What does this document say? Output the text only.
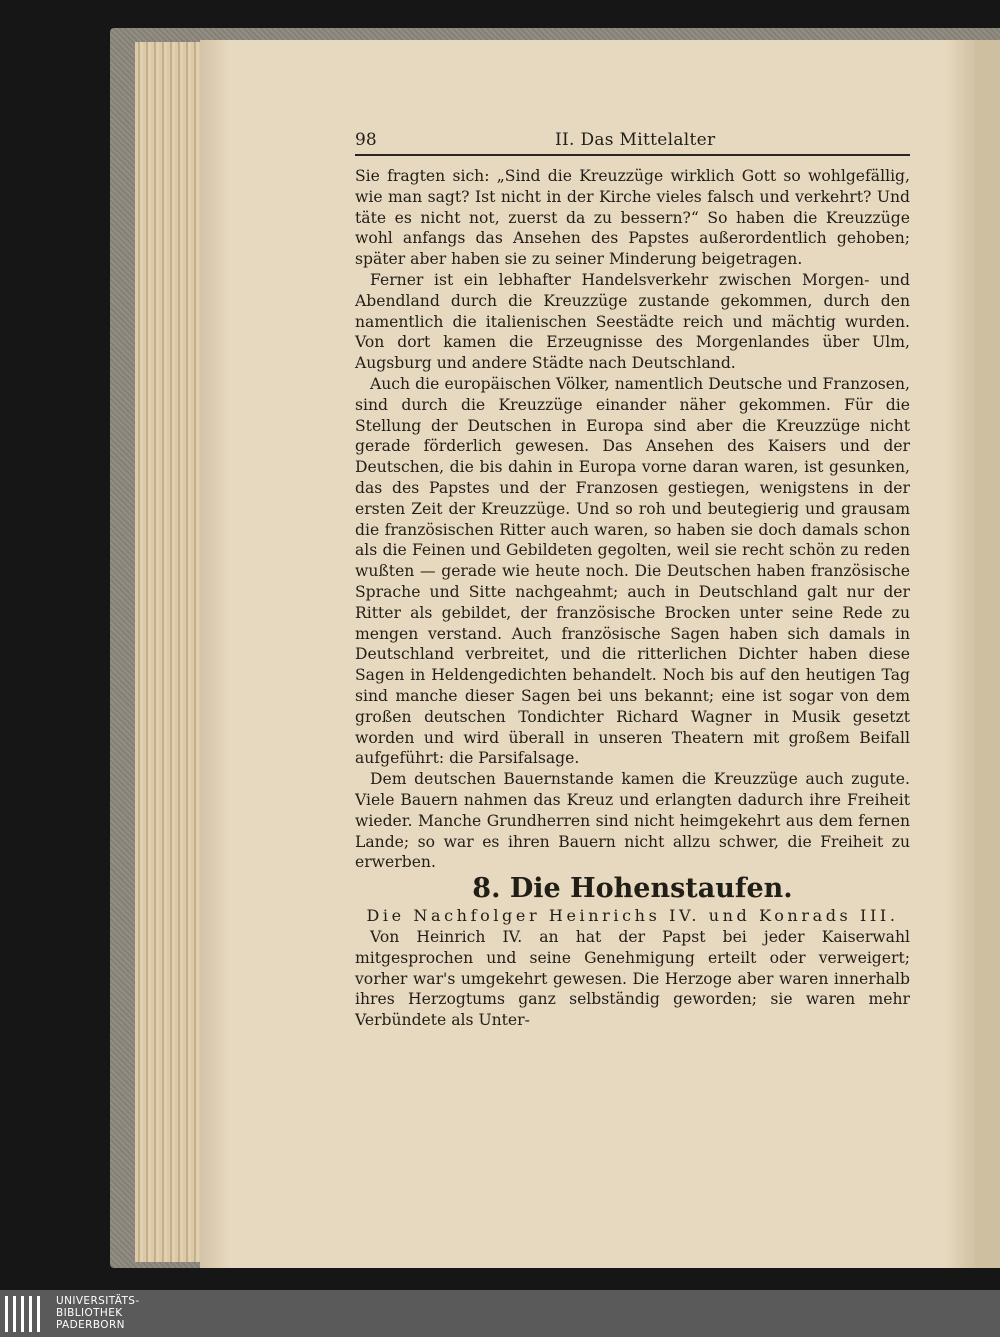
98	II. Das Mittelalter

Sie fragten sich: „Sind die Kreuzzüge wirklich Gott so wohlgefällig, wie man sagt? Ist nicht in der Kirche vieles falsch und verkehrt? Und täte es nicht not, zuerst da zu bessern?“ So haben die Kreuzzüge wohl anfangs das Ansehen des Papstes außerordentlich gehoben; später aber haben sie zu seiner Minderung beigetragen.

Ferner ist ein lebhafter Handelsverkehr zwischen Morgen- und Abendland durch die Kreuzzüge zustande gekommen, durch den namentlich die italienischen Seestädte reich und mächtig wurden. Von dort kamen die Erzeugnisse des Morgenlandes über Ulm, Augsburg und andere Städte nach Deutschland.

Auch die europäischen Völker, namentlich Deutsche und Franzosen, sind durch die Kreuzzüge einander näher gekommen. Für die Stellung der Deutschen in Europa sind aber die Kreuzzüge nicht gerade förderlich gewesen. Das Ansehen des Kaisers und der Deutschen, die bis dahin in Europa vorne daran waren, ist gesunken, das des Papstes und der Franzosen gestiegen, wenigstens in der ersten Zeit der Kreuzzüge. Und so roh und beutegierig und grausam die französischen Ritter auch waren, so haben sie doch damals schon als die Feinen und Gebildeten gegolten, weil sie recht schön zu reden wußten — gerade wie heute noch. Die Deutschen haben französische Sprache und Sitte nachgeahmt; auch in Deutschland galt nur der Ritter als gebildet, der französische Brocken unter seine Rede zu mengen verstand. Auch französische Sagen haben sich damals in Deutschland verbreitet, und die ritterlichen Dichter haben diese Sagen in Heldengedichten behandelt. Noch bis auf den heutigen Tag sind manche dieser Sagen bei uns bekannt; eine ist sogar von dem großen deutschen Tondichter Richard Wagner in Musik gesetzt worden und wird überall in unseren Theatern mit großem Beifall aufgeführt: die Parsifalsage.

Dem deutschen Bauernstande kamen die Kreuzzüge auch zugute. Viele Bauern nahmen das Kreuz und erlangten dadurch ihre Freiheit wieder. Manche Grundherren sind nicht heimgekehrt aus dem fernen Lande; so war es ihren Bauern nicht allzu schwer, die Freiheit zu erwerben.

8. Die Hohenstaufen.

Die Nachfolger Heinrichs IV. und Konrads III.

Von Heinrich IV. an hat der Papst bei jeder Kaiserwahl mitgesprochen und seine Genehmigung erteilt oder verweigert; vorher war's umgekehrt gewesen. Die Herzoge aber waren innerhalb ihres Herzogtums ganz selbständig geworden; sie waren mehr Verbündete als Unter-

UNIVERSITÄTS-
BIBLIOTHEK
PADERBORN
